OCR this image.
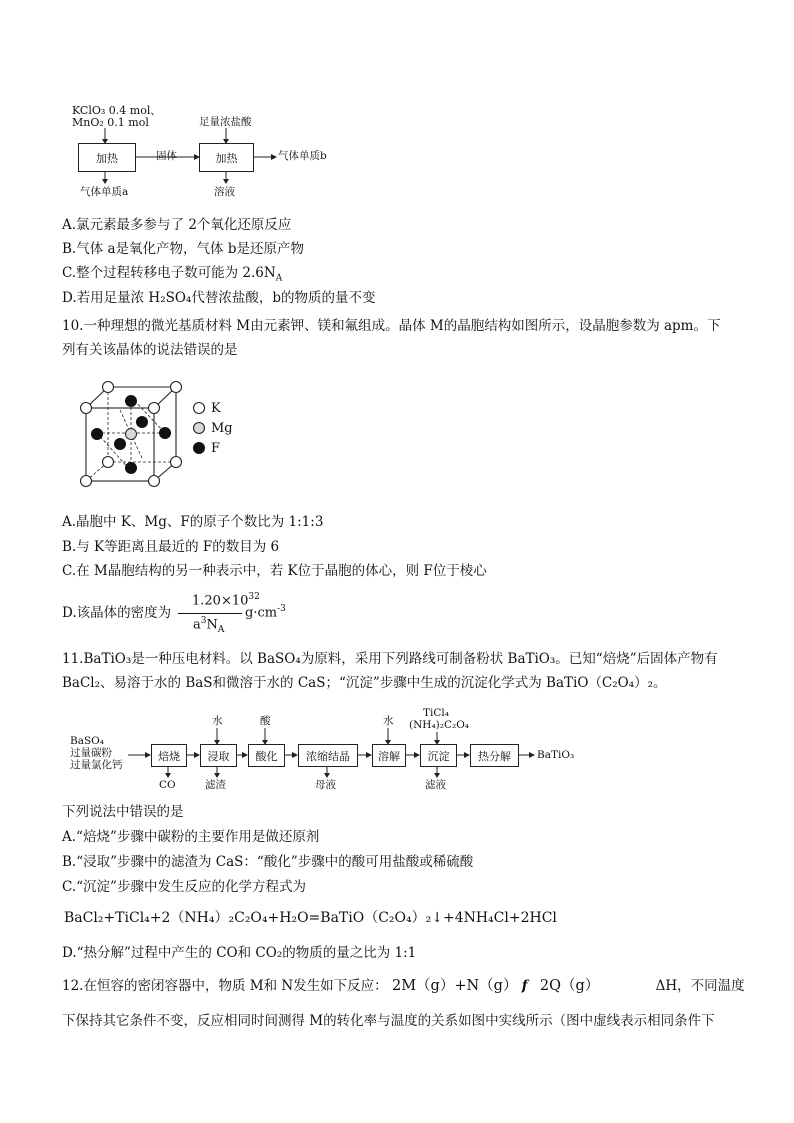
KClO₃ 0.4 mol、
MnO₂ 0.1 mol
加热	固体	加热
足量浓盐酸
气体单质b
气体单质a	溶液
A.氯元素最多参与了 2个氧化还原反应
B.气体 a是氧化产物，气体 b是还原产物
C.整个过程转移电子数可能为 $2.6N_A$
D.若用足量浓 H₂SO₄代替浓盐酸，b的物质的量不变
10.一种理想的微光基质材料 M由元素钾、镁和氟组成。晶体 M的晶胞结构如图所示，设晶胞参数为 apm。下
列有关该晶体的说法错误的是
K
Mg
F
A.晶胞中 K、Mg、F的原子个数比为 1:1:3
B.与 K等距离且最近的 F的数目为 6
C.在 M晶胞结构的另一种表示中，若 K位于晶胞的体心，则 F位于棱心
D.该晶体的密度为
$1.20\times 10^{32}$
$a^3N_A$
$g\cdot cm^{-3}$
11.BaTiO₃是一种压电材料。以 BaSO₄为原料，采用下列路线可制备粉状 BaTiO₃。已知“焙烧”后固体产物有
BaCl₂、易溶于水的 BaS和微溶于水的 CaS；“沉淀”步骤中生成的沉淀化学式为 BaTiO（C₂O₄）₂。
BaSO₄
过量碳粉
过量氯化钙
焙烧	浸取	酸化	浓缩结晶	溶解	沉淀	热分解
水	酸	水
TiCl₄
(NH₄)₂C₂O₄
BaTiO₃
CO	滤渣	母液	滤液
下列说法中错误的是
A.“焙烧”步骤中碳粉的主要作用是做还原剂
B.“浸取”步骤中的滤渣为 CaS：“酸化”步骤中的酸可用盐酸或稀硫酸
C.“沉淀”步骤中发生反应的化学方程式为
BaCl₂+TiCl₄+2（NH₄）₂C₂O₄+H₂O=BaTiO（C₂O₄）₂↓+4NH₄Cl+2HCl
D.“热分解”过程中产生的 CO和 CO₂的物质的量之比为 1:1
12.在恒容的密闭容器中，物质 M和 N发生如下反应： 2M（g）+N（g） f 2Q（g）	ΔH，不同温度
下保持其它条件不变，反应相同时间测得 M的转化率与温度的关系如图中实线所示（图中虚线表示相同条件下
